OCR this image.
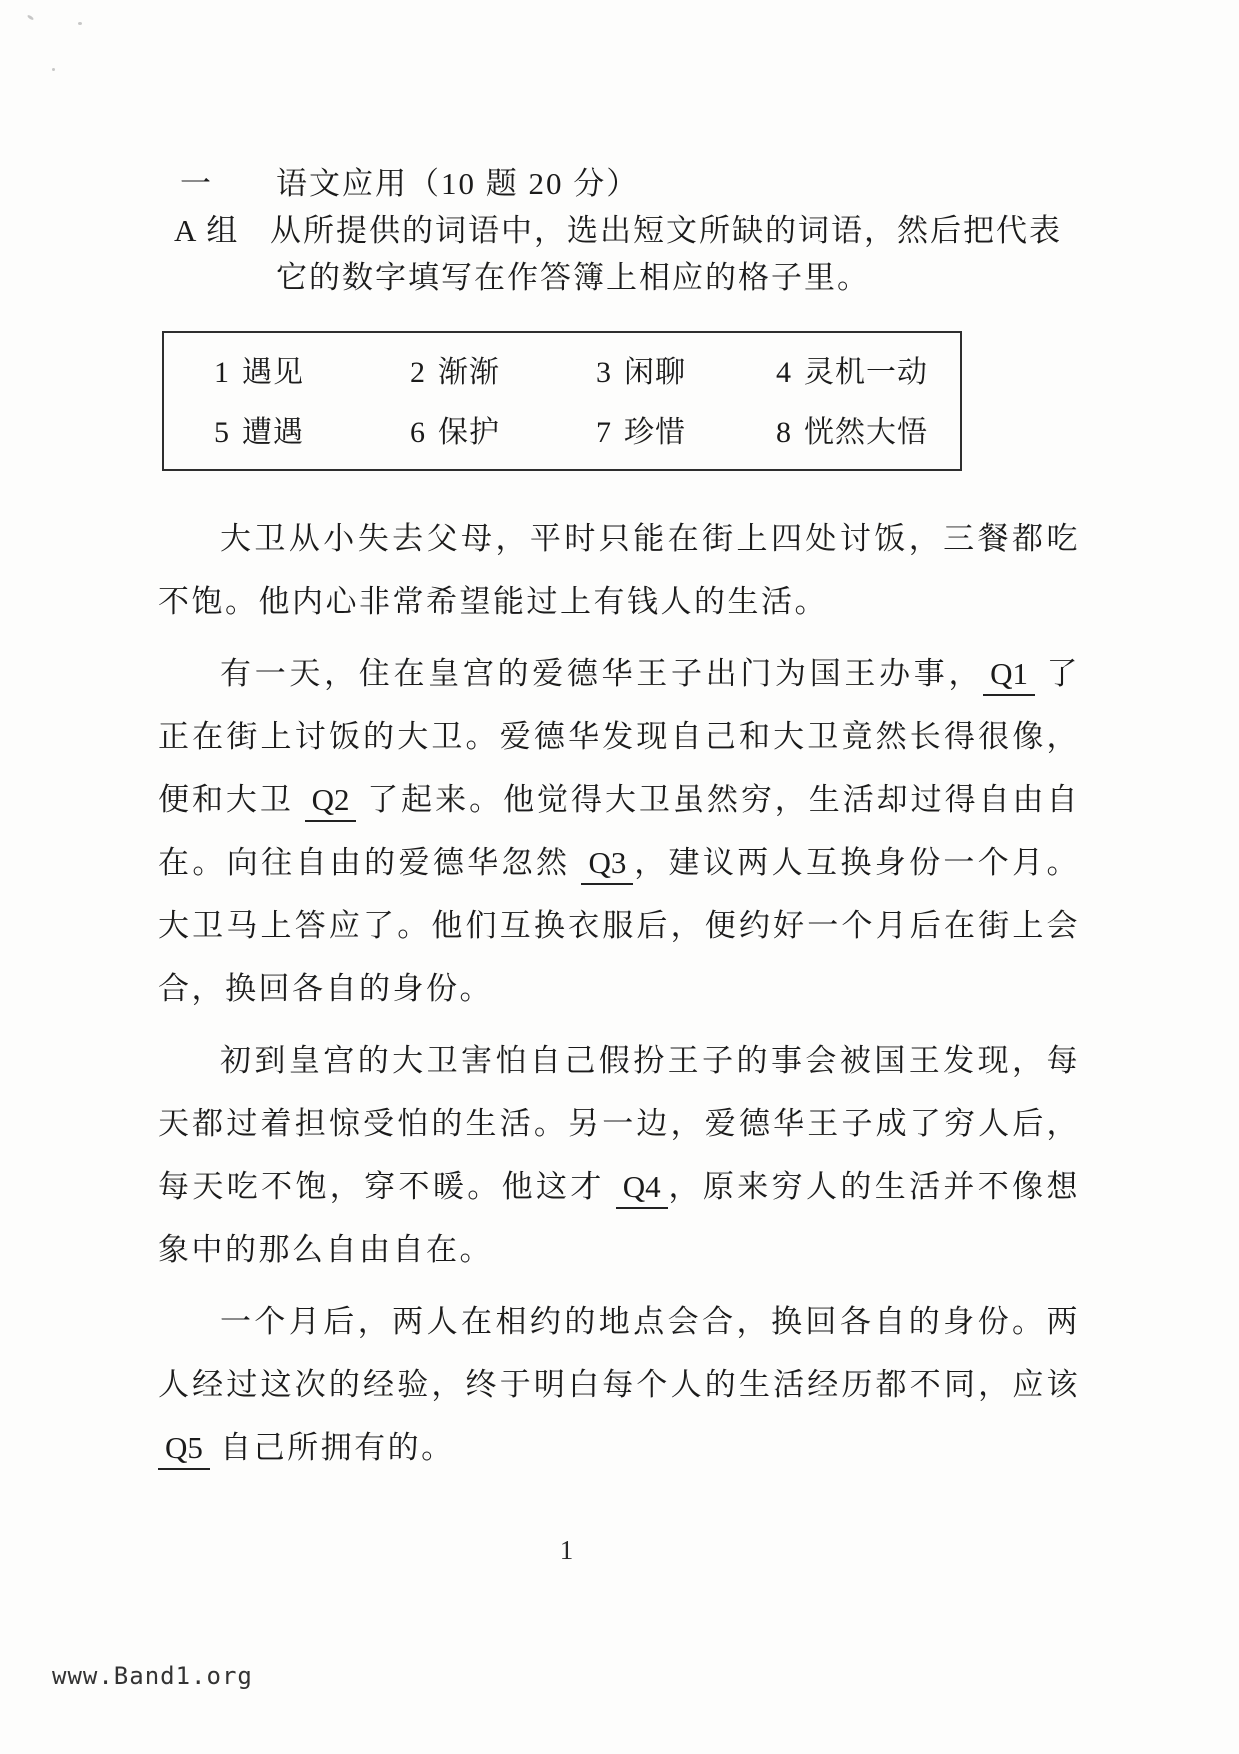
一	语文应用（10 题 20 分）
A 组 从所提供的词语中，选出短文所缺的词语，然后把代表
它的数字填写在作答簿上相应的格子里。
1 遇见	2 渐渐	3 闲聊	4 灵机一动
5 遭遇	6 保护	7 珍惜	8 恍然大悟

大卫从小失去父母，平时只能在街上四处讨饭，三餐都吃不饱。他内心非常希望能过上有钱人的生活。

有一天，住在皇宫的爱德华王子出门为国王办事， Q1 了正在街上讨饭的大卫。爱德华发现自己和大卫竟然长得很像，便和大卫 Q2 了起来。他觉得大卫虽然穷，生活却过得自由自在。向往自由的爱德华忽然 Q3 ，建议两人互换身份一个月。大卫马上答应了。他们互换衣服后，便约好一个月后在街上会合，换回各自的身份。

初到皇宫的大卫害怕自己假扮王子的事会被国王发现，每天都过着担惊受怕的生活。另一边，爱德华王子成了穷人后，每天吃不饱，穿不暖。他这才 Q4 ，原来穷人的生活并不像想象中的那么自由自在。

一个月后，两人在相约的地点会合，换回各自的身份。两人经过这次的经验，终于明白每个人的生活经历都不同，应该 Q5 自己所拥有的。

1
www.Band1.org
